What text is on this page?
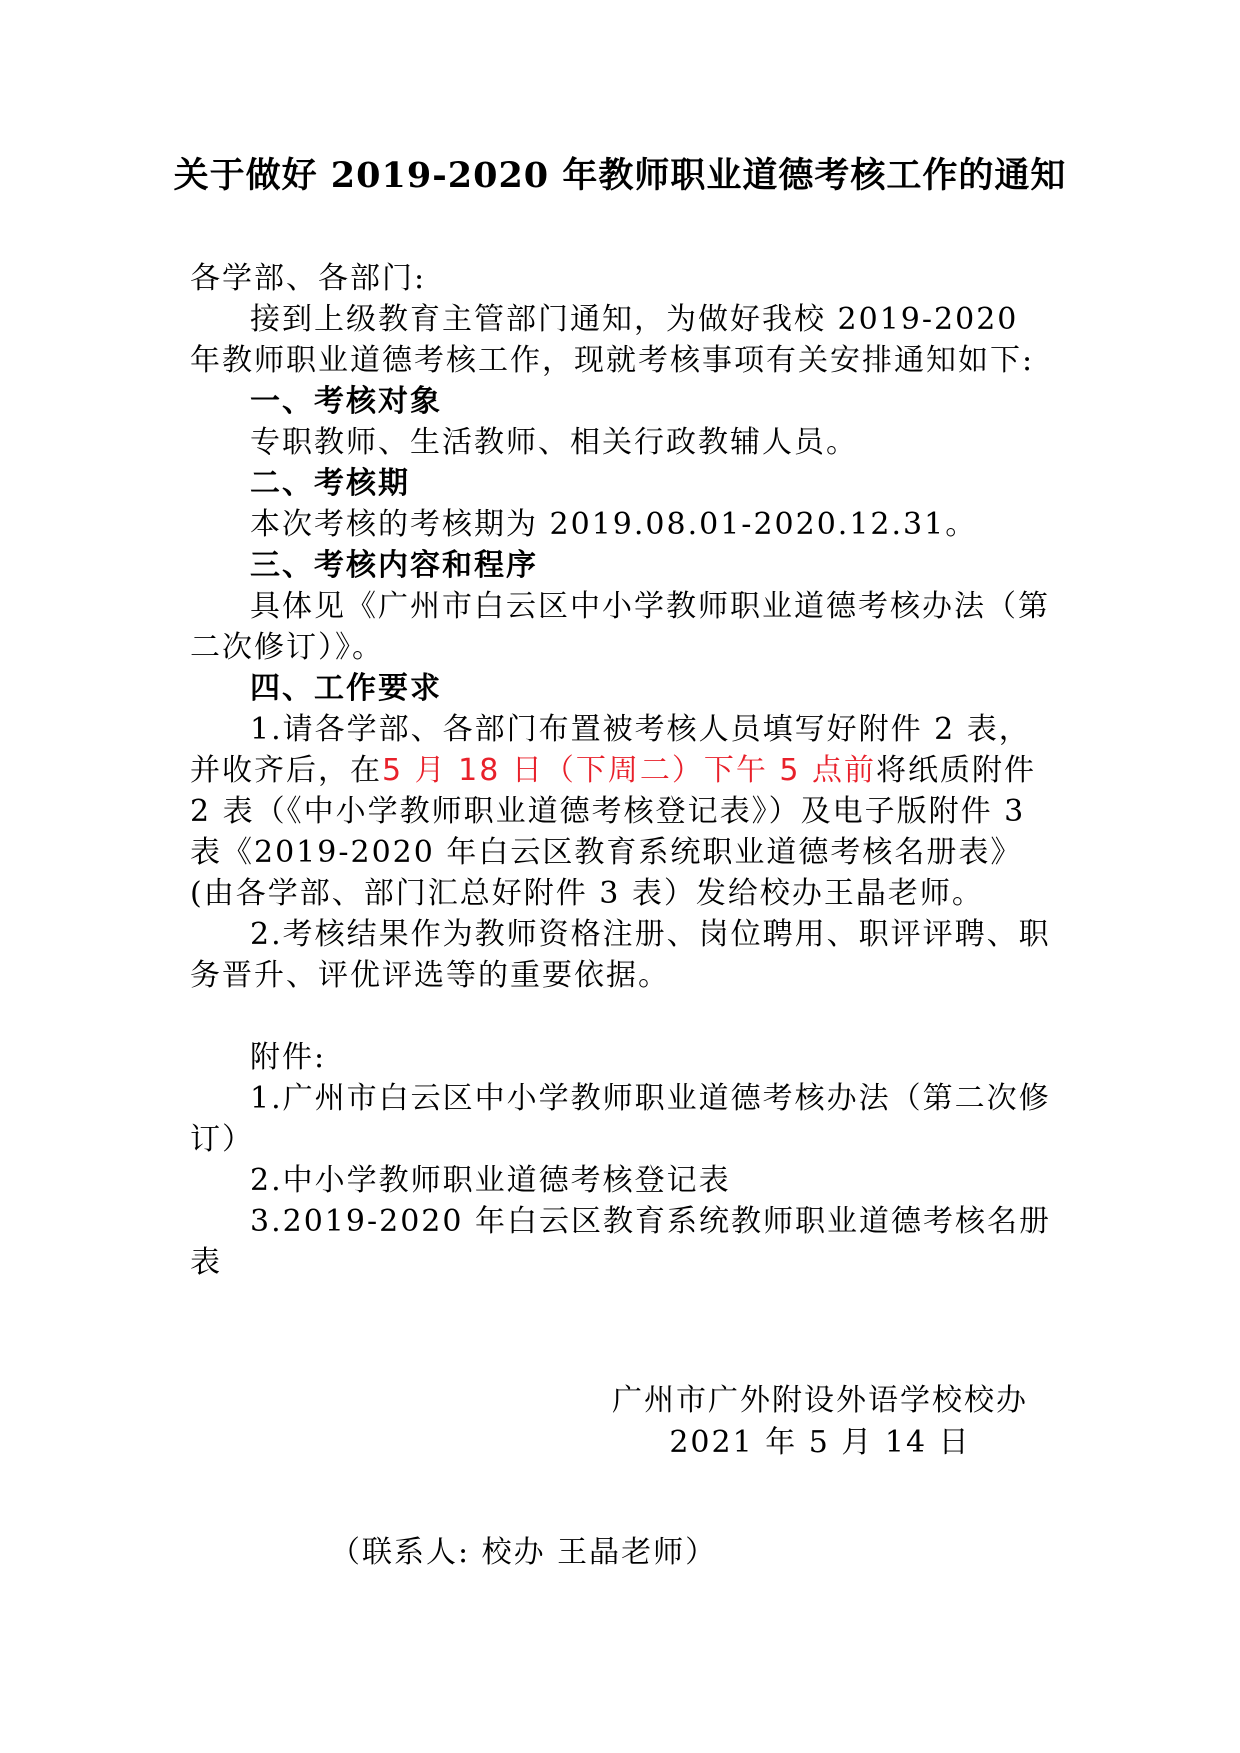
关于做好 2019-2020 年教师职业道德考核工作的通知

各学部、各部门:

接到上级教育主管部门通知，为做好我校 2019-2020 年教师职业道德考核工作，现就考核事项有关安排通知如下:

一、考核对象

专职教师、生活教师、相关行政教辅人员。

二、考核期

本次考核的考核期为 2019.08.01-2020.12.31。

三、考核内容和程序

具体见《广州市白云区中小学教师职业道德考核办法（第二次修订）》。

四、工作要求

1.请各学部、各部门布置被考核人员填写好附件 2 表，并收齐后，在5 月 18 日（下周二）下午 5 点前将纸质附件 2 表（《中小学教师职业道德考核登记表》）及电子版附件 3 表《2019-2020 年白云区教育系统职业道德考核名册表》(由各学部、部门汇总好附件 3 表）发给校办王晶老师。

2.考核结果作为教师资格注册、岗位聘用、职评评聘、职务晋升、评优评选等的重要依据。

附件:

1.广州市白云区中小学教师职业道德考核办法（第二次修订）

2.中小学教师职业道德考核登记表

3.2019-2020 年白云区教育系统教师职业道德考核名册表

广州市广外附设外语学校校办

2021 年 5 月 14 日

（联系人: 校办 王晶老师）
